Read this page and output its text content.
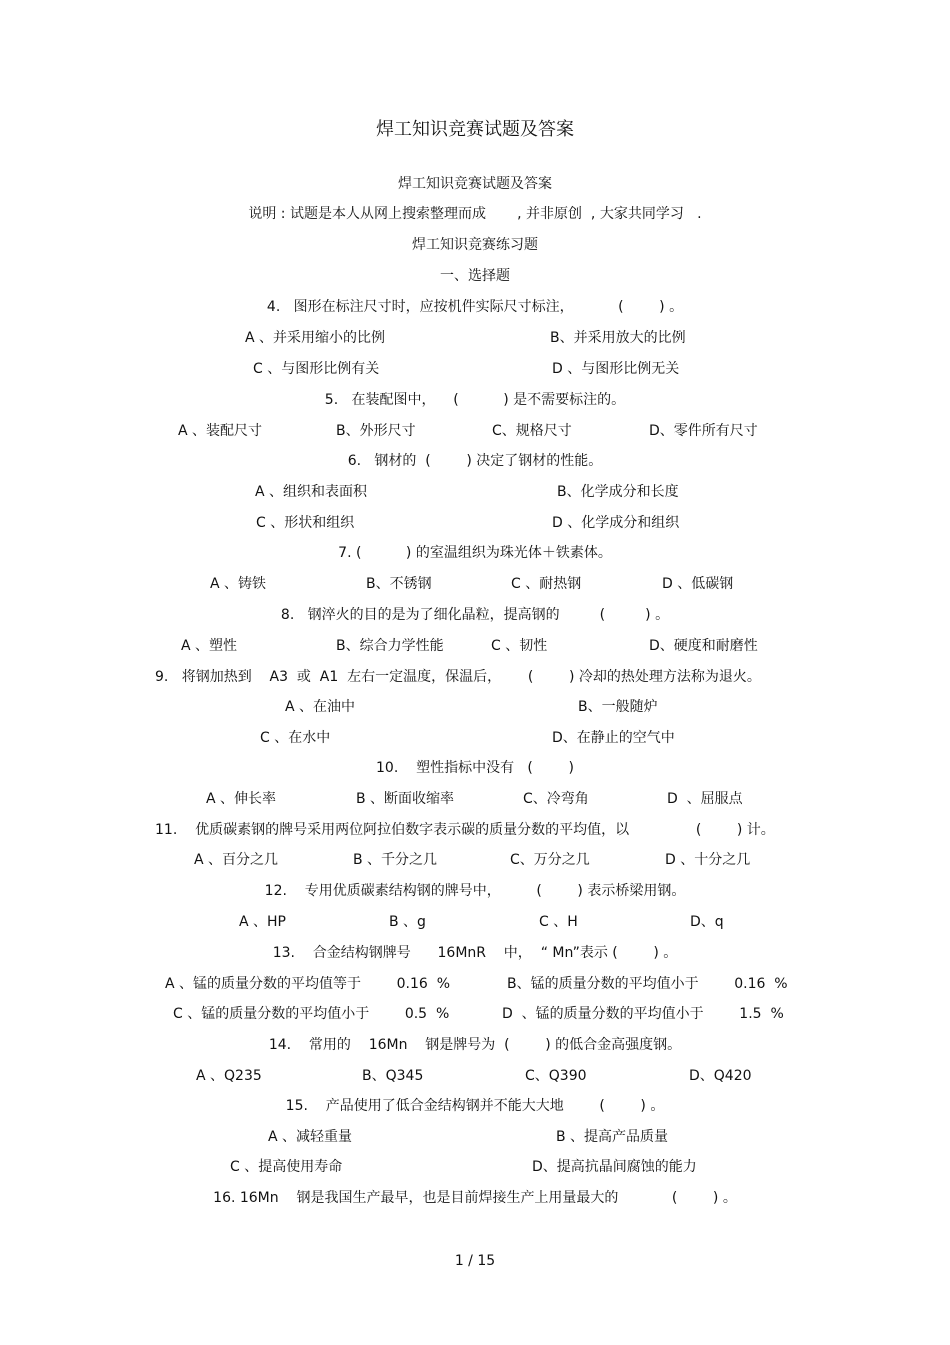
焊工知识竞赛试题及答案
焊工知识竞赛试题及答案
说明 : 试题是本人从网上搜索整理而成       , 并非原创  , 大家共同学习   .
焊工知识竞赛练习题
一、选择题
4.   图形在标注尺寸时，应按机件实际尺寸标注，          (        ) 。
A 、并采用缩小的比例	B、并采用放大的比例
C 、与图形比例有关	D 、与图形比例无关
5.   在装配图中，    (          ) 是不需要标注的。
A 、装配尺寸	B、外形尺寸	C、规格尺寸	D、零件所有尺寸
6.   钢材的  (        ) 决定了钢材的性能。
A 、组织和表面积	B、化学成分和长度
C 、形状和组织	D 、化学成分和组织
7. (          ) 的室温组织为珠光体＋铁素体。
A 、铸铁	B、不锈钢	C 、耐热钢	D 、低碳钢
8.   钢淬火的目的是为了细化晶粒，提高钢的         (         ) 。
A 、塑性	B、综合力学性能	C 、韧性	D、硬度和耐磨性
9.   将钢加热到    A3  或  A1  左右一定温度，保温后，      (        ) 冷却的热处理方法称为退火。
A 、在油中	B、一般随炉
C 、在水中	D、在静止的空气中
10.    塑性指标中没有   (        )
A 、伸长率	B 、断面收缩率	C、冷弯角	D  、屈服点
11.    优质碳素钢的牌号采用两位阿拉伯数字表示碳的质量分数的平均值，以               (        ) 计。
A 、百分之几	B 、千分之几	C、万分之几	D 、十分之几
12.    专用优质碳素结构钢的牌号中，        (        ) 表示桥梁用钢。
A 、HP	B 、g	C 、H	D、q
13.    合金结构钢牌号      16MnR    中，  “ Mn”表示 (        ) 。
A 、锰的质量分数的平均值等于        0.16  %	B、锰的质量分数的平均值小于        0.16  %
C 、锰的质量分数的平均值小于        0.5  %	D  、锰的质量分数的平均值小于        1.5  %
14.    常用的    16Mn    钢是牌号为  (        ) 的低合金高强度钢。
A 、Q235	B、Q345	C、Q390	D、Q420
15.    产品使用了低合金结构钢并不能大大地        (        ) 。
A 、减轻重量	B 、提高产品质量
C 、提高使用寿命	D、提高抗晶间腐蚀的能力
16. 16Mn    钢是我国生产最早，也是目前焊接生产上用量最大的            (        ) 。
1 / 15
